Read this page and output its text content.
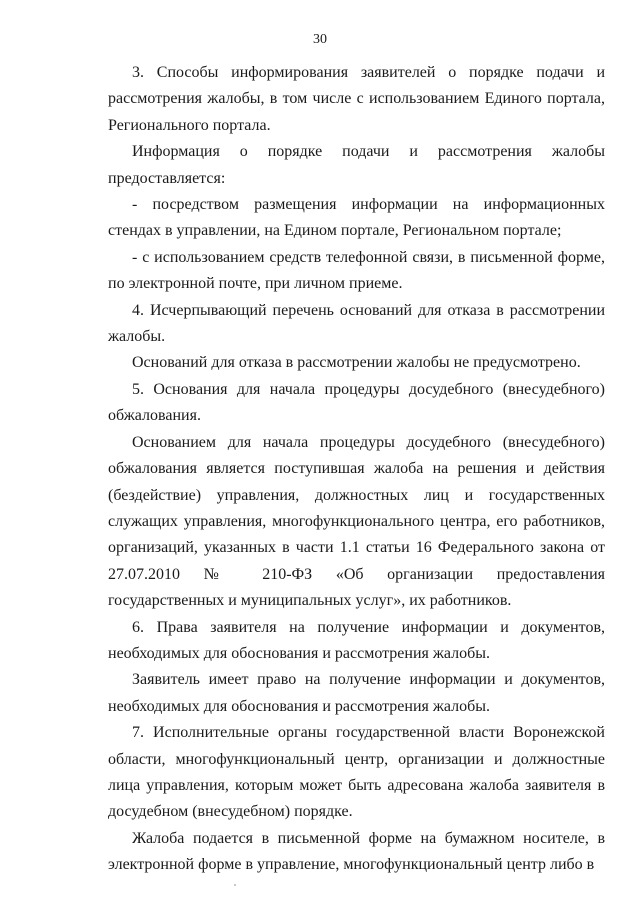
30

3. Способы информирования заявителей о порядке подачи и рассмотрения жалобы, в том числе с использованием Единого портала, Регионального портала.

Информация о порядке подачи и рассмотрения жалобы предоставляется:

- посредством размещения информации на информационных стендах в управлении, на Едином портале, Региональном портале;

- с использованием средств телефонной связи, в письменной форме, по электронной почте, при личном приеме.

4. Исчерпывающий перечень оснований для отказа в рассмотрении жалобы.

Оснований для отказа в рассмотрении жалобы не предусмотрено.

5. Основания для начала процедуры досудебного (внесудебного) обжалования.

Основанием для начала процедуры досудебного (внесудебного) обжалования является поступившая жалоба на решения и действия (бездействие) управления, должностных лиц и государственных служащих управления, многофункционального центра, его работников, организаций, указанных в части 1.1 статьи 16 Федерального закона от 27.07.2010 № 210-ФЗ «Об организации предоставления государственных и муниципальных услуг», их работников.

6. Права заявителя на получение информации и документов, необходимых для обоснования и рассмотрения жалобы.

Заявитель имеет право на получение информации и документов, необходимых для обоснования и рассмотрения жалобы.

7. Исполнительные органы государственной власти Воронежской области, многофункциональный центр, организации и должностные лица управления, которым может быть адресована жалоба заявителя в досудебном (внесудебном) порядке.

Жалоба подается в письменной форме на бумажном носителе, в электронной форме в управление, многофункциональный центр либо в
